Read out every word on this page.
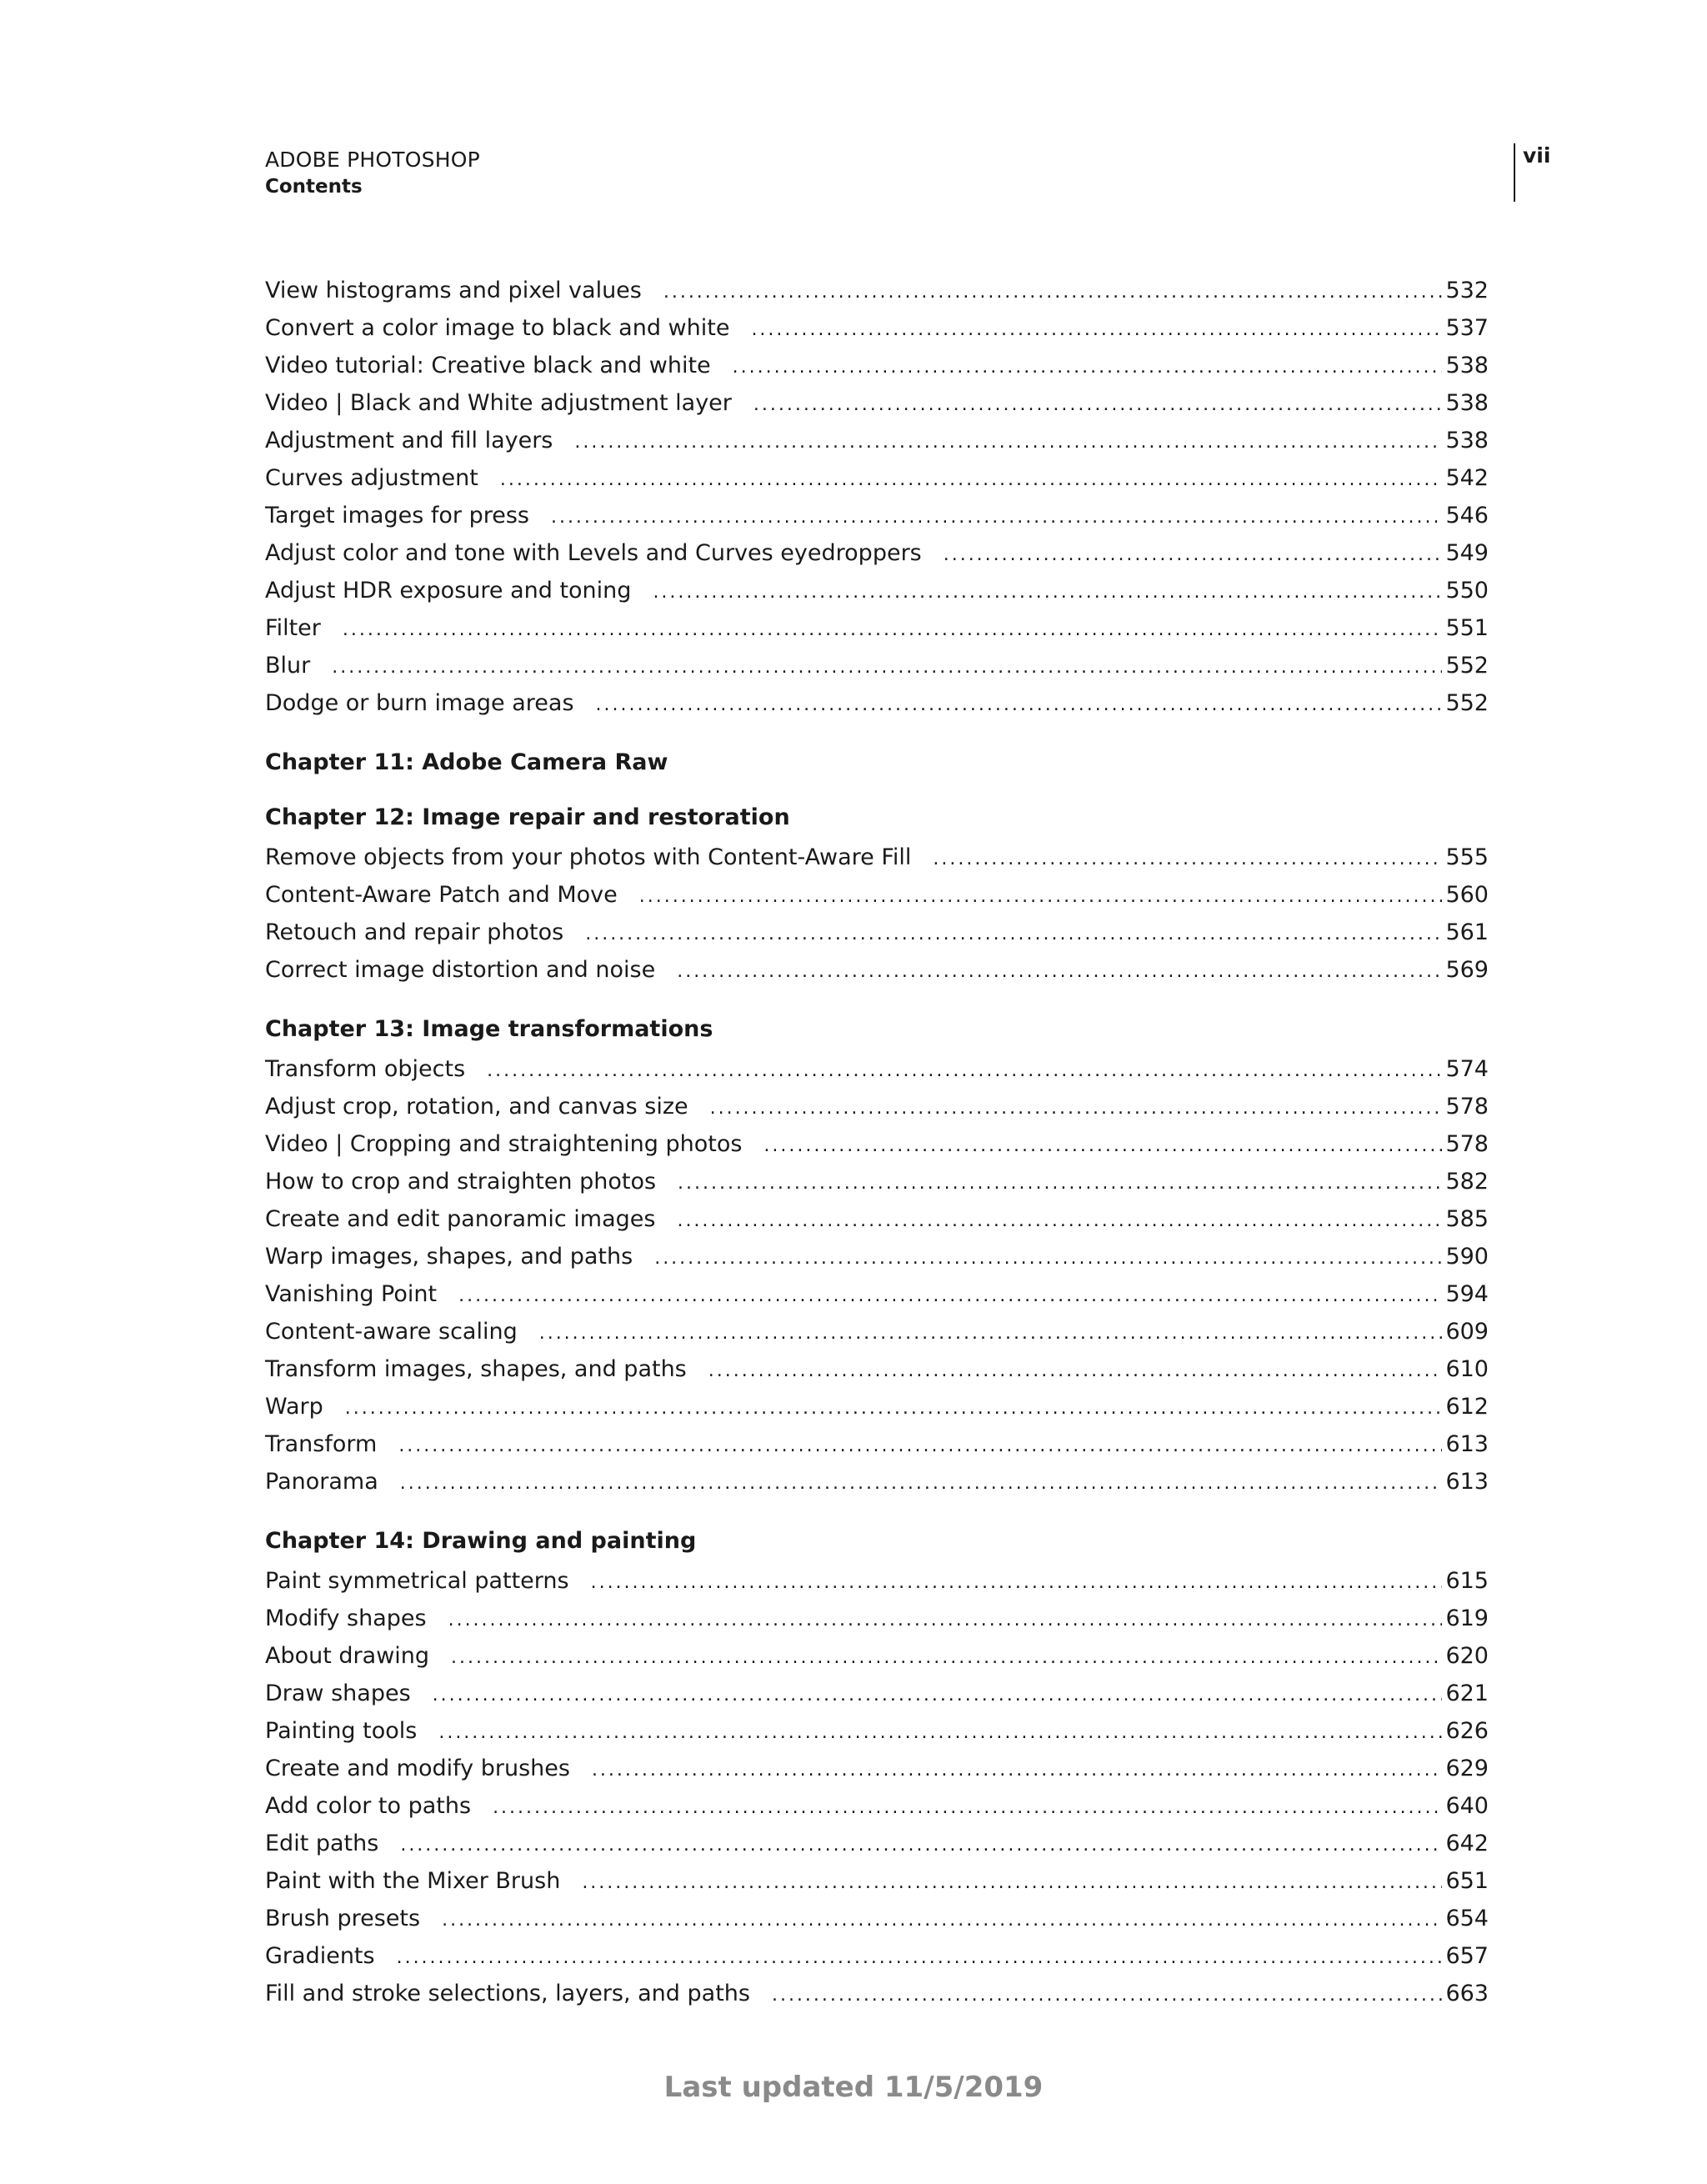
ADOBE PHOTOSHOP
Contents
vii
View histograms and pixel values . . .	532
Convert a color image to black and white . . .	537
Video tutorial: Creative black and white . . .	538
Video | Black and White adjustment layer . . .	538
Adjustment and fill layers . . .	538
Curves adjustment . . .	542
Target images for press . . .	546
Adjust color and tone with Levels and Curves eyedroppers . . .	549
Adjust HDR exposure and toning . . .	550
Filter . . .	551
Blur . . .	552
Dodge or burn image areas . . .	552
Chapter 11: Adobe Camera Raw
Chapter 12: Image repair and restoration
Remove objects from your photos with Content-Aware Fill . . .	555
Content-Aware Patch and Move . . .	560
Retouch and repair photos . . .	561
Correct image distortion and noise . . .	569
Chapter 13: Image transformations
Transform objects . . .	574
Adjust crop, rotation, and canvas size . . .	578
Video | Cropping and straightening photos . . .	578
How to crop and straighten photos . . .	582
Create and edit panoramic images . . .	585
Warp images, shapes, and paths . . .	590
Vanishing Point . . .	594
Content-aware scaling . . .	609
Transform images, shapes, and paths . . .	610
Warp . . .	612
Transform . . .	613
Panorama . . .	613
Chapter 14: Drawing and painting
Paint symmetrical patterns . . .	615
Modify shapes . . .	619
About drawing . . .	620
Draw shapes . . .	621
Painting tools . . .	626
Create and modify brushes . . .	629
Add color to paths . . .	640
Edit paths . . .	642
Paint with the Mixer Brush . . .	651
Brush presets . . .	654
Gradients . . .	657
Fill and stroke selections, layers, and paths . . .	663
Last updated 11/5/2019
